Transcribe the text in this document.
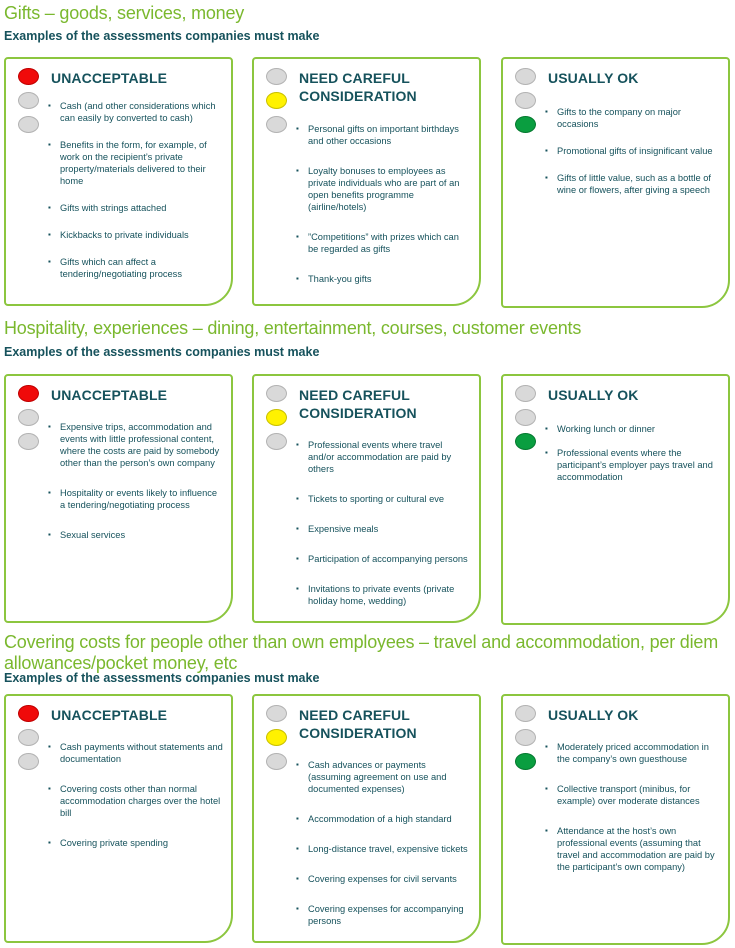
Gifts – goods, services, money
Examples of the assessments companies must make
UNACCEPTABLE
▪ Cash (and other considerations which can easily by converted to cash)
▪ Benefits in the form, for example, of work on the recipient’s private property/materials delivered to their home
▪ Gifts with strings attached
▪ Kickbacks to private individuals
▪ Gifts which can affect a tendering/negotiating process
NEED CAREFUL CONSIDERATION
▪ Personal gifts on important birthdays and other occasions
▪ Loyalty bonuses to employees as private individuals who are part of an open benefits programme (airline/hotels)
▪ ”Competitions” with prizes which can be regarded as gifts
▪ Thank-you gifts
USUALLY OK
▪ Gifts to the company on major occasions
▪ Promotional gifts of insignificant value
▪ Gifts of little value, such as a bottle of wine or flowers, after giving a speech
Hospitality, experiences – dining, entertainment, courses, customer events
Examples of the assessments companies must make
UNACCEPTABLE
▪ Expensive trips, accommodation and events with little professional content, where the costs are paid by somebody other than the person’s own company
▪ Hospitality or events likely to influence a tendering/negotiating process
▪ Sexual services
NEED CAREFUL CONSIDERATION
▪ Professional events where travel and/or accommodation are paid by others
▪ Tickets to sporting or cultural eve
▪ Expensive meals
▪ Participation of accompanying persons
▪ Invitations to private events (private holiday home, wedding)
USUALLY OK
▪ Working lunch or dinner
▪ Professional events where the participant’s employer pays travel and accommodation
Covering costs for people other than own employees – travel and accommodation, per diem allowances/pocket money, etc
Examples of the assessments companies must make
UNACCEPTABLE
▪ Cash payments without statements and documentation
▪ Covering costs other than normal accommodation charges over the hotel bill
▪ Covering private spending
NEED CAREFUL CONSIDERATION
▪ Cash advances or payments (assuming agreement on use and documented expenses)
▪ Accommodation of a high standard
▪ Long-distance travel, expensive tickets
▪ Covering expenses for civil servants
▪ Covering expenses for accompanying persons
USUALLY OK
▪ Moderately priced accommodation in the company’s own guesthouse
▪ Collective transport (minibus, for example) over moderate distances
▪ Attendance at the host’s own professional events (assuming that travel and accommodation are paid by the participant’s own company)
